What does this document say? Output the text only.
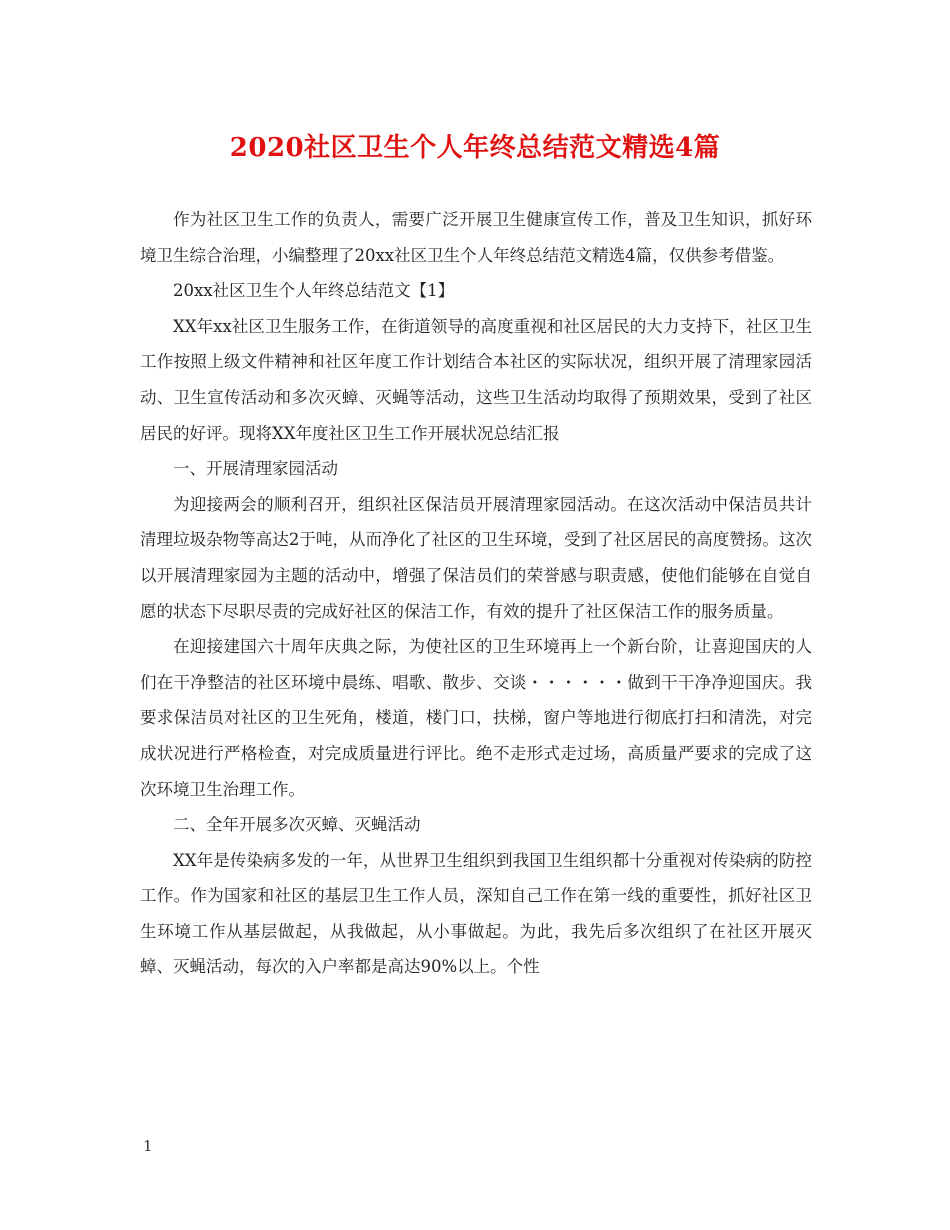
2020社区卫生个人年终总结范文精选4篇

作为社区卫生工作的负责人，需要广泛开展卫生健康宣传工作，普及卫生知识，抓好环境卫生综合治理，小编整理了20xx社区卫生个人年终总结范文精选4篇，仅供参考借鉴。

20xx社区卫生个人年终总结范文【1】

XX年xx社区卫生服务工作，在街道领导的高度重视和社区居民的大力支持下，社区卫生工作按照上级文件精神和社区年度工作计划结合本社区的实际状况，组织开展了清理家园活动、卫生宣传活动和多次灭蟑、灭蝇等活动，这些卫生活动均取得了预期效果，受到了社区居民的好评。现将XX年度社区卫生工作开展状况总结汇报

一、开展清理家园活动

为迎接两会的顺利召开，组织社区保洁员开展清理家园活动。在这次活动中保洁员共计清理垃圾杂物等高达2于吨，从而净化了社区的卫生环境，受到了社区居民的高度赞扬。这次以开展清理家园为主题的活动中，增强了保洁员们的荣誉感与职责感，使他们能够在自觉自愿的状态下尽职尽责的完成好社区的保洁工作，有效的提升了社区保洁工作的服务质量。

在迎接建国六十周年庆典之际，为使社区的卫生环境再上一个新台阶，让喜迎国庆的人们在干净整洁的社区环境中晨练、唱歌、散步、交谈・・・・・・做到干干净净迎国庆。我要求保洁员对社区的卫生死角，楼道，楼门口，扶梯，窗户等地进行彻底打扫和清洗，对完成状况进行严格检查，对完成质量进行评比。绝不走形式走过场，高质量严要求的完成了这次环境卫生治理工作。

二、全年开展多次灭蟑、灭蝇活动

XX年是传染病多发的一年，从世界卫生组织到我国卫生组织都十分重视对传染病的防控工作。作为国家和社区的基层卫生工作人员，深知自己工作在第一线的重要性，抓好社区卫生环境工作从基层做起，从我做起，从小事做起。为此，我先后多次组织了在社区开展灭蟑、灭蝇活动，每次的入户率都是高达90%以上。个性

1
